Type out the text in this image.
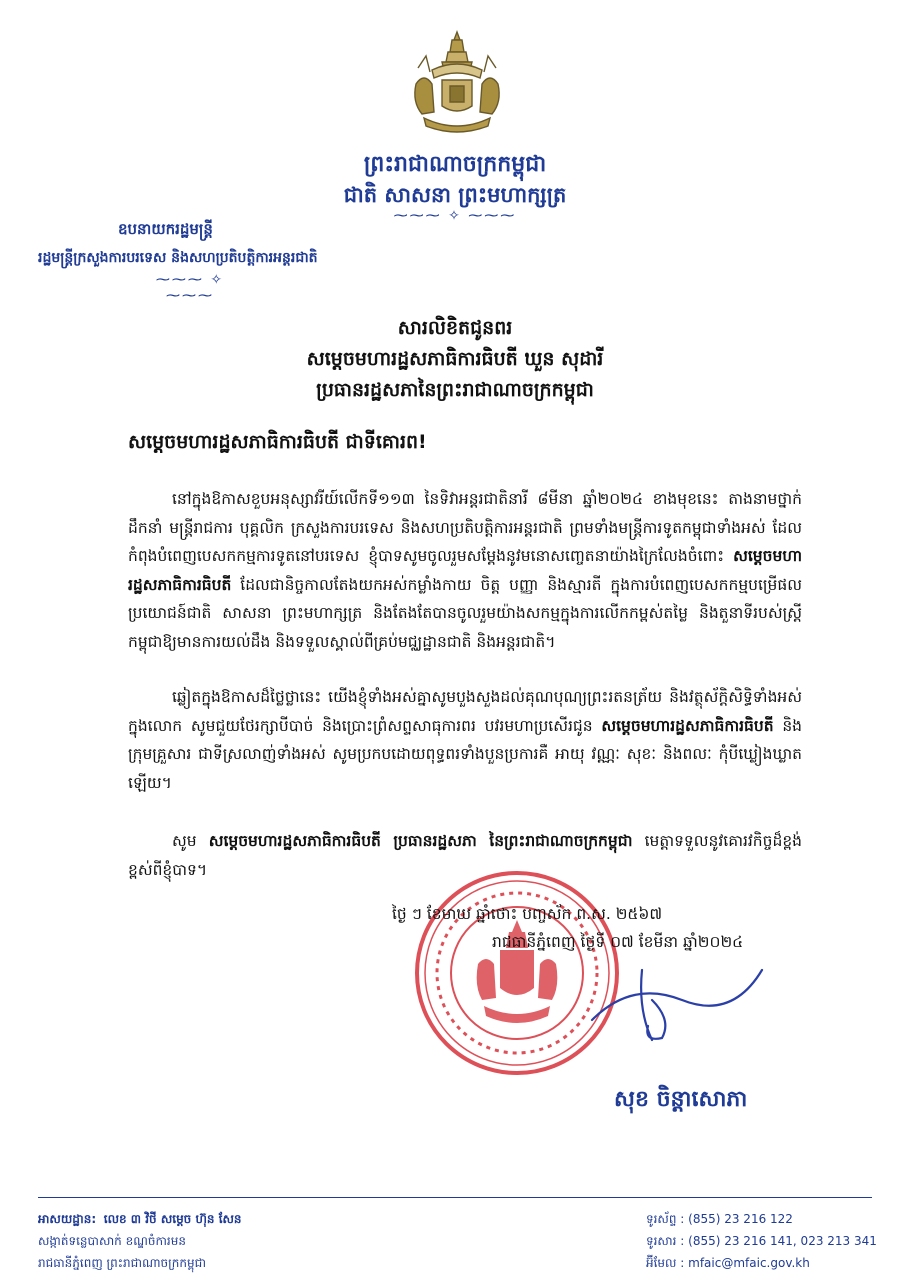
ព្រះរាជាណាចក្រកម្ពុជា
ជាតិ សាសនា ព្រះមហាក្សត្រ
⁓⁓⁓ ✧ ⁓⁓⁓
ឧបនាយករដ្ឋមន្ត្រី
រដ្ឋមន្ត្រីក្រសួងការបរទេស និងសហប្រតិបត្តិការអន្តរជាតិ
⁓⁓⁓ ✧ ⁓⁓⁓
សារលិខិតជូនពរ
សម្តេចមហារដ្ឋសភាធិការធិបតី ឃួន សុដារី
ប្រធានរដ្ឋសភានៃព្រះរាជាណាចក្រកម្ពុជា
សម្តេចមហារដ្ឋសភាធិការធិបតី ជាទីគោរព!
នៅក្នុងឱកាសខួបអនុស្សាវរីយ៍លើកទី១១៣ នៃទិវាអន្តរជាតិនារី ៨មីនា ឆ្នាំ២០២៤ ខាងមុខនេះ តាងនាមថ្នាក់ដឹកនាំ មន្ត្រីរាជការ បុគ្គលិក ក្រសួងការបរទេស និងសហប្រតិបត្តិការអន្តរជាតិ ព្រមទាំងមន្ត្រីការទូតកម្ពុជាទាំងអស់ ដែលកំពុងបំពេញបេសកកម្មការទូតនៅបរទេស ខ្ញុំបាទសូមចូលរួមសម្តែងនូវមនោសញ្ចេតនាយ៉ាងក្រៃលែងចំពោះ សម្តេចមហារដ្ឋសភាធិការធិបតី ដែលជានិច្ចកាលតែងយកអស់កម្លាំងកាយ ចិត្ត បញ្ញា និងស្មារតី ក្នុងការបំពេញបេសកកម្មបម្រើផលប្រយោជន៍ជាតិ សាសនា ព្រះមហាក្សត្រ និងតែងតែបានចូលរួមយ៉ាងសកម្មក្នុងការលើកកម្ពស់តម្លៃ និងតួនាទីរបស់ស្ត្រីកម្ពុជាឱ្យមានការយល់ដឹង និងទទួលស្គាល់ពីគ្រប់មជ្ឈដ្ឋានជាតិ និងអន្តរជាតិ។
ឆ្លៀតក្នុងឱកាសដ៏ថ្លៃថ្លានេះ យើងខ្ញុំទាំងអស់គ្នាសូមបួងសួងដល់គុណបុណ្យព្រះរតនត្រ័យ និងវត្ថុស័ក្តិសិទ្ធិទាំងអស់ក្នុងលោក សូមជួយថែរក្សាបីបាច់ និងប្រោះព្រំសព្ទសាធុការពរ បវរមហាប្រសើរជូន សម្តេចមហារដ្ឋសភាធិការធិបតី និងក្រុមគ្រួសារ ជាទីស្រលាញ់ទាំងអស់ សូមប្រកបដោយពុទ្ធពរទាំងបួនប្រការគឺ អាយុ វណ្ណៈ សុខៈ និងពលៈ កុំបីឃ្លៀងឃ្លាតឡើយ។
សូម សម្តេចមហារដ្ឋសភាធិការធិបតី ប្រធានរដ្ឋសភា នៃព្រះរាជាណាចក្រកម្ពុជា មេត្តាទទួលនូវគោរវកិច្ចដ៏ខ្ពង់ខ្ពស់ពីខ្ញុំបាទ។
ថ្ងៃ ៗ ខែមាឃ ឆ្នាំថោះ បញ្ចស័ក ព.ស. ២៥៦៧
រាជធានីភ្នំពេញ ថ្ងៃទី ០៧ ខែមីនា ឆ្នាំ២០២៤
សុខ ចិន្តាសោភា
អាសយដ្ឋាន: លេខ ៣ វិថី សម្តេច ហ៊ុន សែន
សង្កាត់ទន្លេបាសាក់ ខណ្ឌចំការមន
រាជធានីភ្នំពេញ ព្រះរាជាណាចក្រកម្ពុជា
ទូរស័ព្ទ : (855) 23 216 122
ទូរសារ : (855) 23 216 141, 023 213 341
អ៊ីមែល : mfaic@mfaic.gov.kh
